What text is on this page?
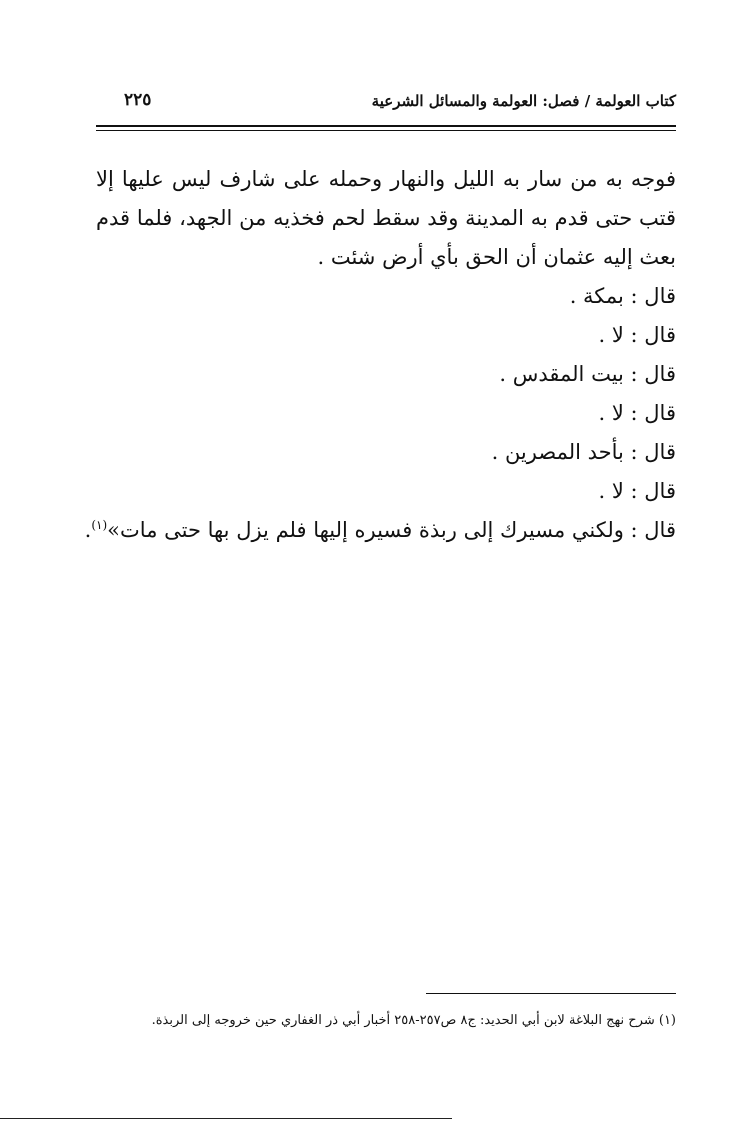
كتاب العولمة / فصل: العولمة والمسائل الشرعية
٢٢٥

فوجه به من سار به الليل والنهار وحمله على شارف ليس عليها إلا قتب حتى قدم به المدينة وقد سقط لحم فخذيه من الجهد، فلما قدم بعث إليه عثمان أن الحق بأي أرض شئت .

قال : بمكة .

قال : لا .

قال : بيت المقدس .

قال : لا .

قال : بأحد المصرين .

قال : لا .

قال : ولكني مسيرك إلى ربذة فسيره إليها فلم يزل بها حتى مات»$^{(١)}$.

(١) شرح نهج البلاغة لابن أبي الحديد: ج٨ ص٢٥٧-٢٥٨ أخبار أبي ذر الغفاري حين خروجه إلى الربذة.
